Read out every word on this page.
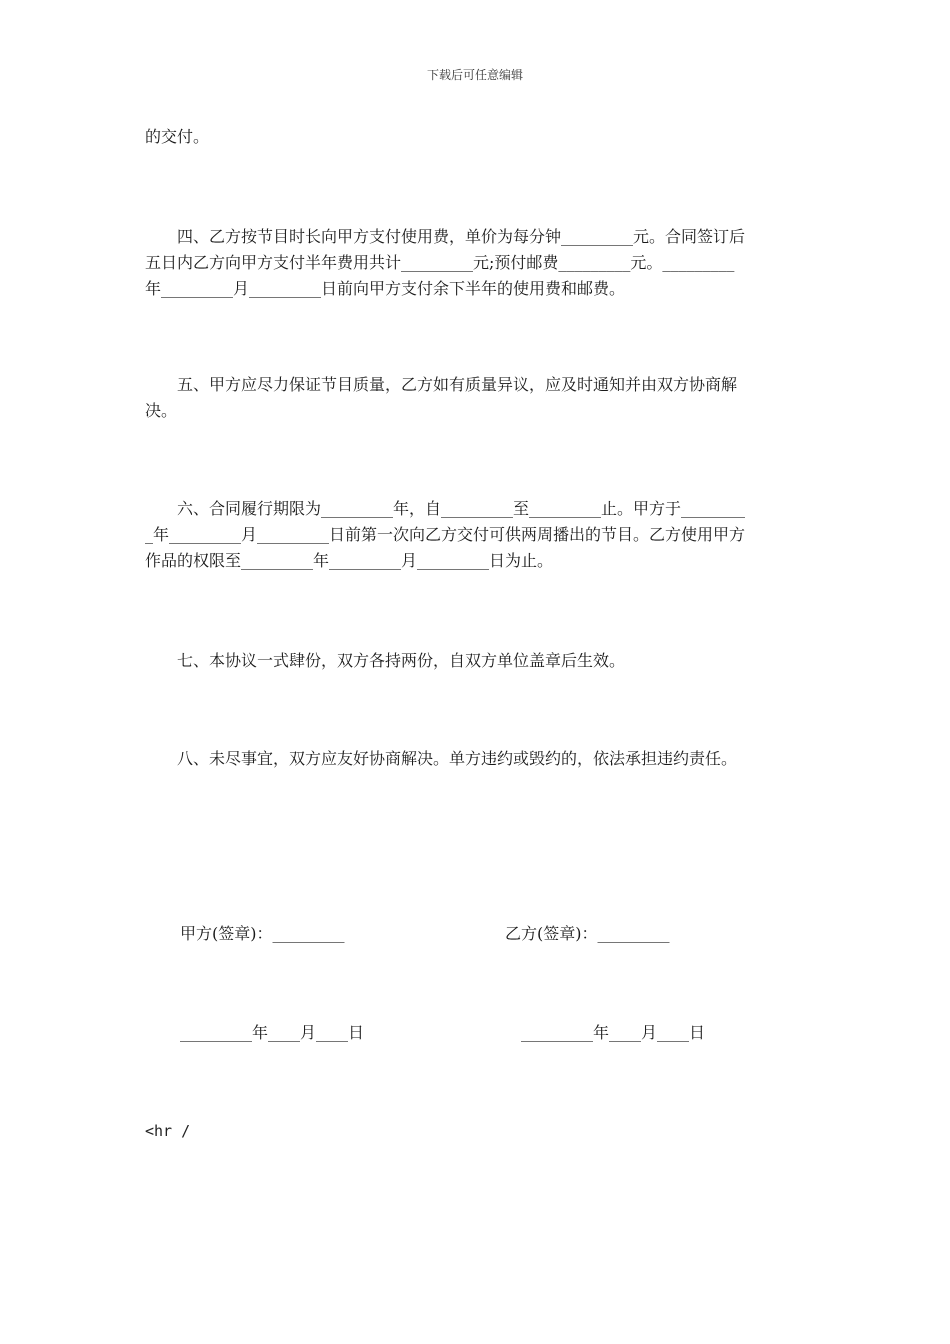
下载后可任意编辑
的交付。
　　四、乙方按节目时长向甲方支付使用费，单价为每分钟_________元。合同签订后
五日内乙方向甲方支付半年费用共计_________元;预付邮费_________元。_________
年_________月_________日前向甲方支付余下半年的使用费和邮费。
　　五、甲方应尽力保证节目质量，乙方如有质量异议，应及时通知并由双方协商解
决。
　　六、合同履行期限为_________年，自_________至_________止。甲方于________
_年_________月_________日前第一次向乙方交付可供两周播出的节目。乙方使用甲方
作品的权限至_________年_________月_________日为止。
　　七、本协议一式肆份，双方各持两份，自双方单位盖章后生效。
　　八、未尽事宜，双方应友好协商解决。单方违约或毁约的，依法承担违约责任。
甲方(签章)：_________	乙方(签章)：_________
_________年____月____日	_________年____月____日
<hr /
